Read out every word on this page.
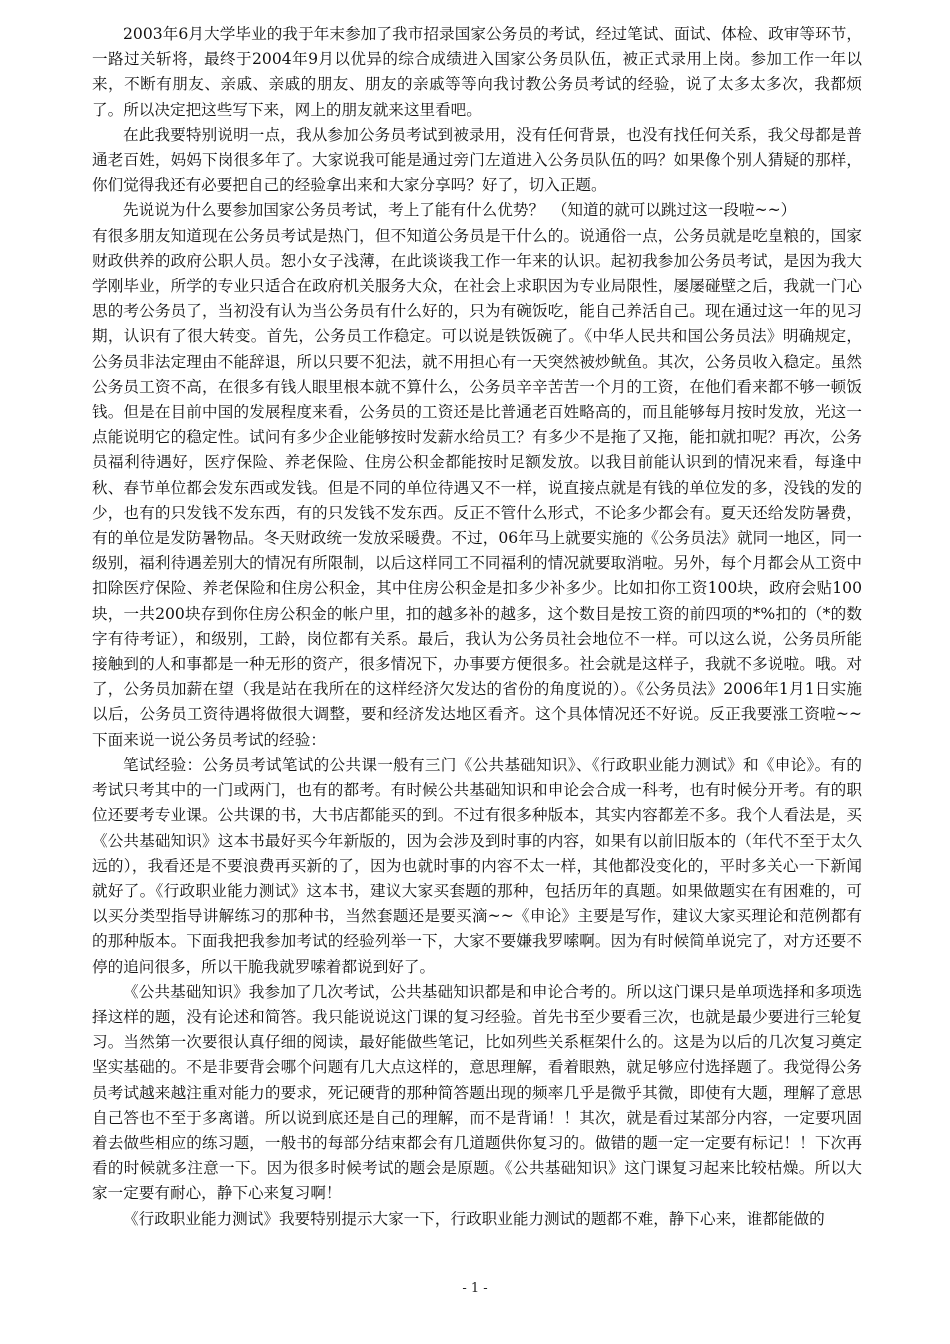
2003年6月大学毕业的我于年末参加了我市招录国家公务员的考试，经过笔试、面试、体检、政审等环节，一路过关斩将，最终于2004年9月以优异的综合成绩进入国家公务员队伍，被正式录用上岗。参加工作一年以来，不断有朋友、亲戚、亲戚的朋友、朋友的亲戚等等向我讨教公务员考试的经验，说了太多太多次，我都烦了。所以决定把这些写下来，网上的朋友就来这里看吧。

在此我要特别说明一点，我从参加公务员考试到被录用，没有任何背景，也没有找任何关系，我父母都是普通老百姓，妈妈下岗很多年了。大家说我可能是通过旁门左道进入公务员队伍的吗？如果像个别人猜疑的那样，你们觉得我还有必要把自己的经验拿出来和大家分享吗？好了，切入正题。

先说说为什么要参加国家公务员考试，考上了能有什么优势？　（知道的就可以跳过这一段啦~~）

有很多朋友知道现在公务员考试是热门，但不知道公务员是干什么的。说通俗一点，公务员就是吃皇粮的，国家财政供养的政府公职人员。恕小女子浅薄，在此谈谈我工作一年来的认识。起初我参加公务员考试，是因为我大学刚毕业，所学的专业只适合在政府机关服务大众，在社会上求职因为专业局限性，屡屡碰壁之后，我就一门心思的考公务员了，当初没有认为当公务员有什么好的，只为有碗饭吃，能自己养活自己。现在通过这一年的见习期，认识有了很大转变。首先，公务员工作稳定。可以说是铁饭碗了。《中华人民共和国公务员法》明确规定，公务员非法定理由不能辞退，所以只要不犯法，就不用担心有一天突然被炒鱿鱼。其次，公务员收入稳定。虽然公务员工资不高，在很多有钱人眼里根本就不算什么，公务员辛辛苦苦一个月的工资，在他们看来都不够一顿饭钱。但是在目前中国的发展程度来看，公务员的工资还是比普通老百姓略高的，而且能够每月按时发放，光这一点能说明它的稳定性。试问有多少企业能够按时发薪水给员工？有多少不是拖了又拖，能扣就扣呢？再次，公务员福利待遇好，医疗保险、养老保险、住房公积金都能按时足额发放。以我目前能认识到的情况来看，每逢中秋、春节单位都会发东西或发钱。但是不同的单位待遇又不一样，说直接点就是有钱的单位发的多，没钱的发的少，也有的只发钱不发东西，有的只发钱不发东西。反正不管什么形式，不论多少都会有。夏天还给发防暑费，有的单位是发防暑物品。冬天财政统一发放采暖费。不过，06年马上就要实施的《公务员法》就同一地区，同一级别，福利待遇差别大的情况有所限制，以后这样同工不同福利的情况就要取消啦。另外，每个月都会从工资中扣除医疗保险、养老保险和住房公积金，其中住房公积金是扣多少补多少。比如扣你工资100块，政府会贴100块，一共200块存到你住房公积金的帐户里，扣的越多补的越多，这个数目是按工资的前四项的*%扣的（*的数字有待考证），和级别，工龄，岗位都有关系。最后，我认为公务员社会地位不一样。可以这么说，公务员所能接触到的人和事都是一种无形的资产，很多情况下，办事要方便很多。社会就是这样子，我就不多说啦。哦。对了，公务员加薪在望（我是站在我所在的这样经济欠发达的省份的角度说的）。《公务员法》2006年1月1日实施以后，公务员工资待遇将做很大调整，要和经济发达地区看齐。这个具体情况还不好说。反正我要涨工资啦~~ 下面来说一说公务员考试的经验：

笔试经验：公务员考试笔试的公共课一般有三门《公共基础知识》、《行政职业能力测试》和《申论》。有的考试只考其中的一门或两门，也有的都考。有时候公共基础知识和申论会合成一科考，也有时候分开考。有的职位还要考专业课。公共课的书，大书店都能买的到。不过有很多种版本，其实内容都差不多。我个人看法是，买《公共基础知识》这本书最好买今年新版的，因为会涉及到时事的内容，如果有以前旧版本的（年代不至于太久远的），我看还是不要浪费再买新的了，因为也就时事的内容不太一样，其他都没变化的，平时多关心一下新闻就好了。《行政职业能力测试》这本书，建议大家买套题的那种，包括历年的真题。如果做题实在有困难的，可以买分类型指导讲解练习的那种书，当然套题还是要买滴~~《申论》主要是写作，建议大家买理论和范例都有的那种版本。下面我把我参加考试的经验列举一下，大家不要嫌我罗嗦啊。因为有时候简单说完了，对方还要不停的追问很多，所以干脆我就罗嗦着都说到好了。

《公共基础知识》我参加了几次考试，公共基础知识都是和申论合考的。所以这门课只是单项选择和多项选择这样的题，没有论述和简答。我只能说说这门课的复习经验。首先书至少要看三次，也就是最少要进行三轮复习。当然第一次要很认真仔细的阅读，最好能做些笔记，比如列些关系框架什么的。这是为以后的几次复习奠定坚实基础的。不是非要背会哪个问题有几大点这样的，意思理解，看着眼熟，就足够应付选择题了。我觉得公务员考试越来越注重对能力的要求，死记硬背的那种简答题出现的频率几乎是微乎其微，即使有大题，理解了意思自己答也不至于多离谱。所以说到底还是自己的理解，而不是背诵！！其次，就是看过某部分内容，一定要巩固着去做些相应的练习题，一般书的每部分结束都会有几道题供你复习的。做错的题一定一定要有标记！！下次再看的时候就多注意一下。因为很多时候考试的题会是原题。《公共基础知识》这门课复习起来比较枯燥。所以大家一定要有耐心，静下心来复习啊！

《行政职业能力测试》我要特别提示大家一下，行政职业能力测试的题都不难，静下心来，谁都能做的

- 1 -
